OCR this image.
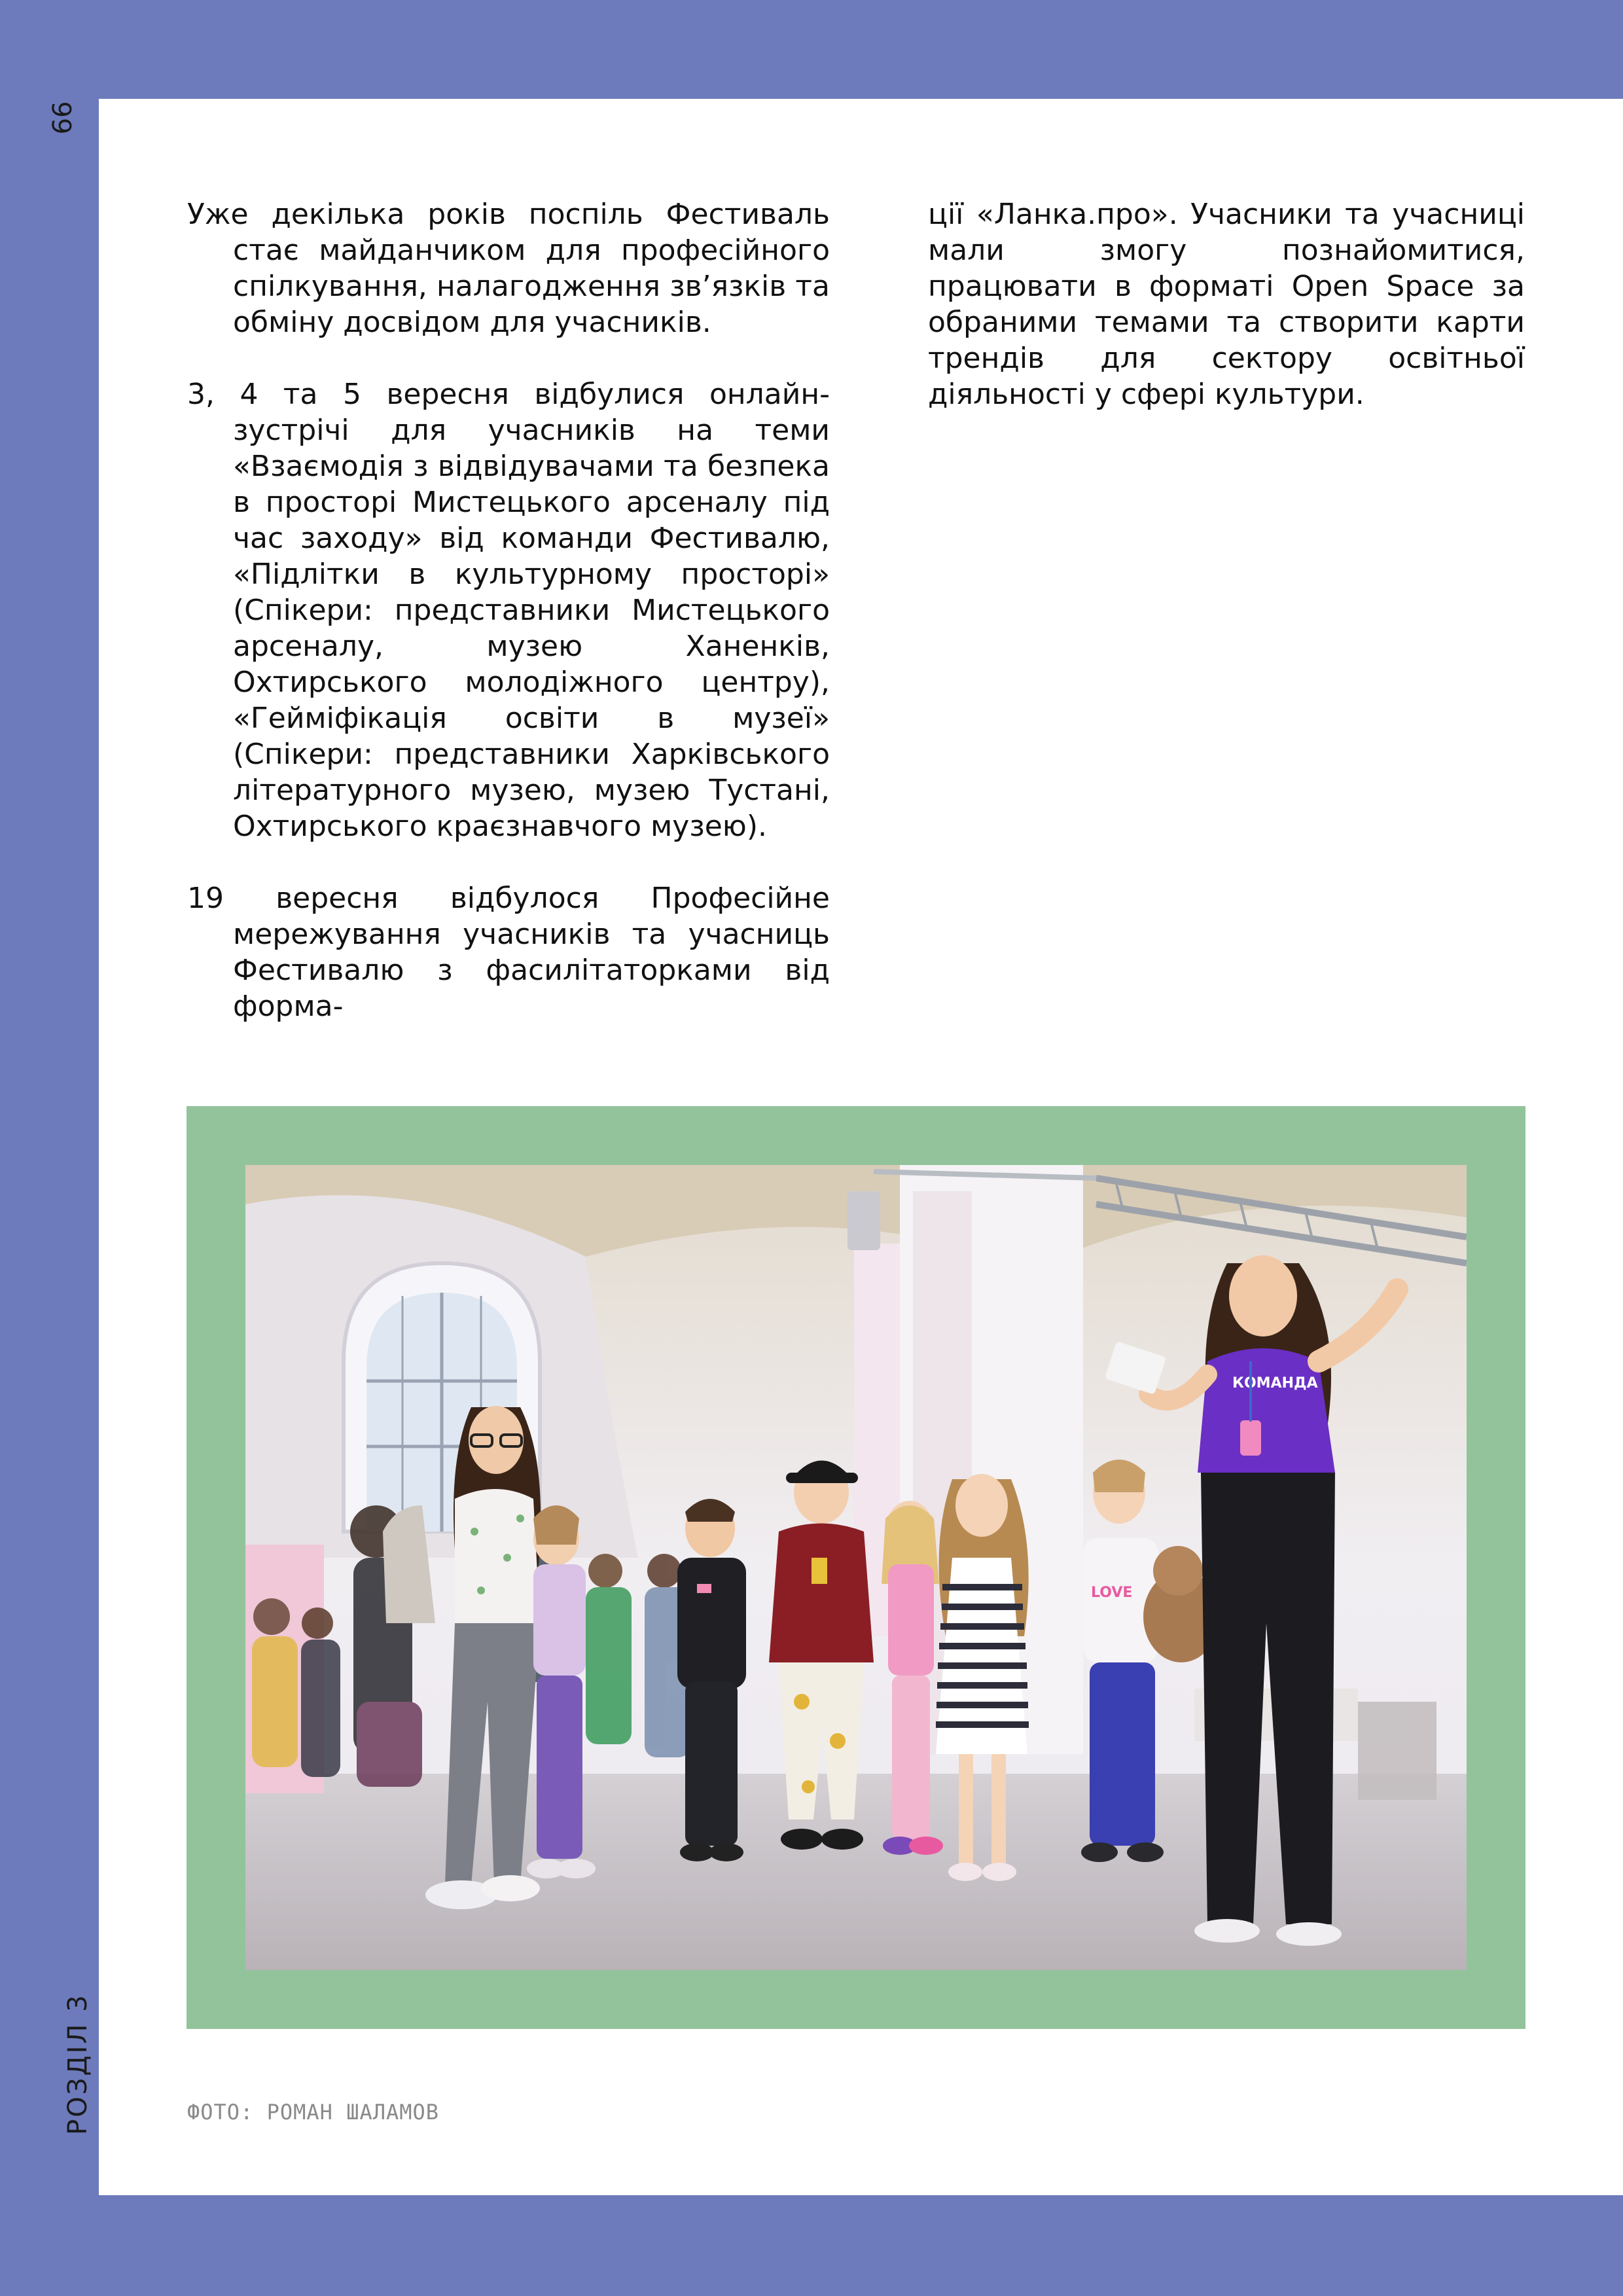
66
РОЗДІЛ 3

Уже декілька років поспіль Фестиваль стає майданчиком для професійного спілкування, налагодження зв’язків та обміну досвідом для учасників.

3, 4 та 5 вересня відбулися онлайн-зустрічі для учасників на теми «Взаємодія з відвідувачами та безпека в просторі Мистецького арсеналу під час заходу» від команди Фестивалю, «Підлітки в культурному просторі» (Спікери: представники Мистецького арсеналу, музею Ханенків, Охтирського молодіжного центру), «Гейміфікація освіти в музеї» (Спікери: представники Харківського літературного музею, музею Тустані, Охтирського краєзнавчого музею).

19 вересня відбулося Професійне мережування учасників та учасниць Фестивалю з фасилітаторками від форма-

ції «Ланка.про». Учасники та учасниці мали змогу познайомитися, працювати в форматі Open Space за обраними темами та створити карти трендів для сектору освітньої діяльності у сфері культури.

LOVE
КОМАНДА
ФОТО: РОМАН ШАЛАМОВ
